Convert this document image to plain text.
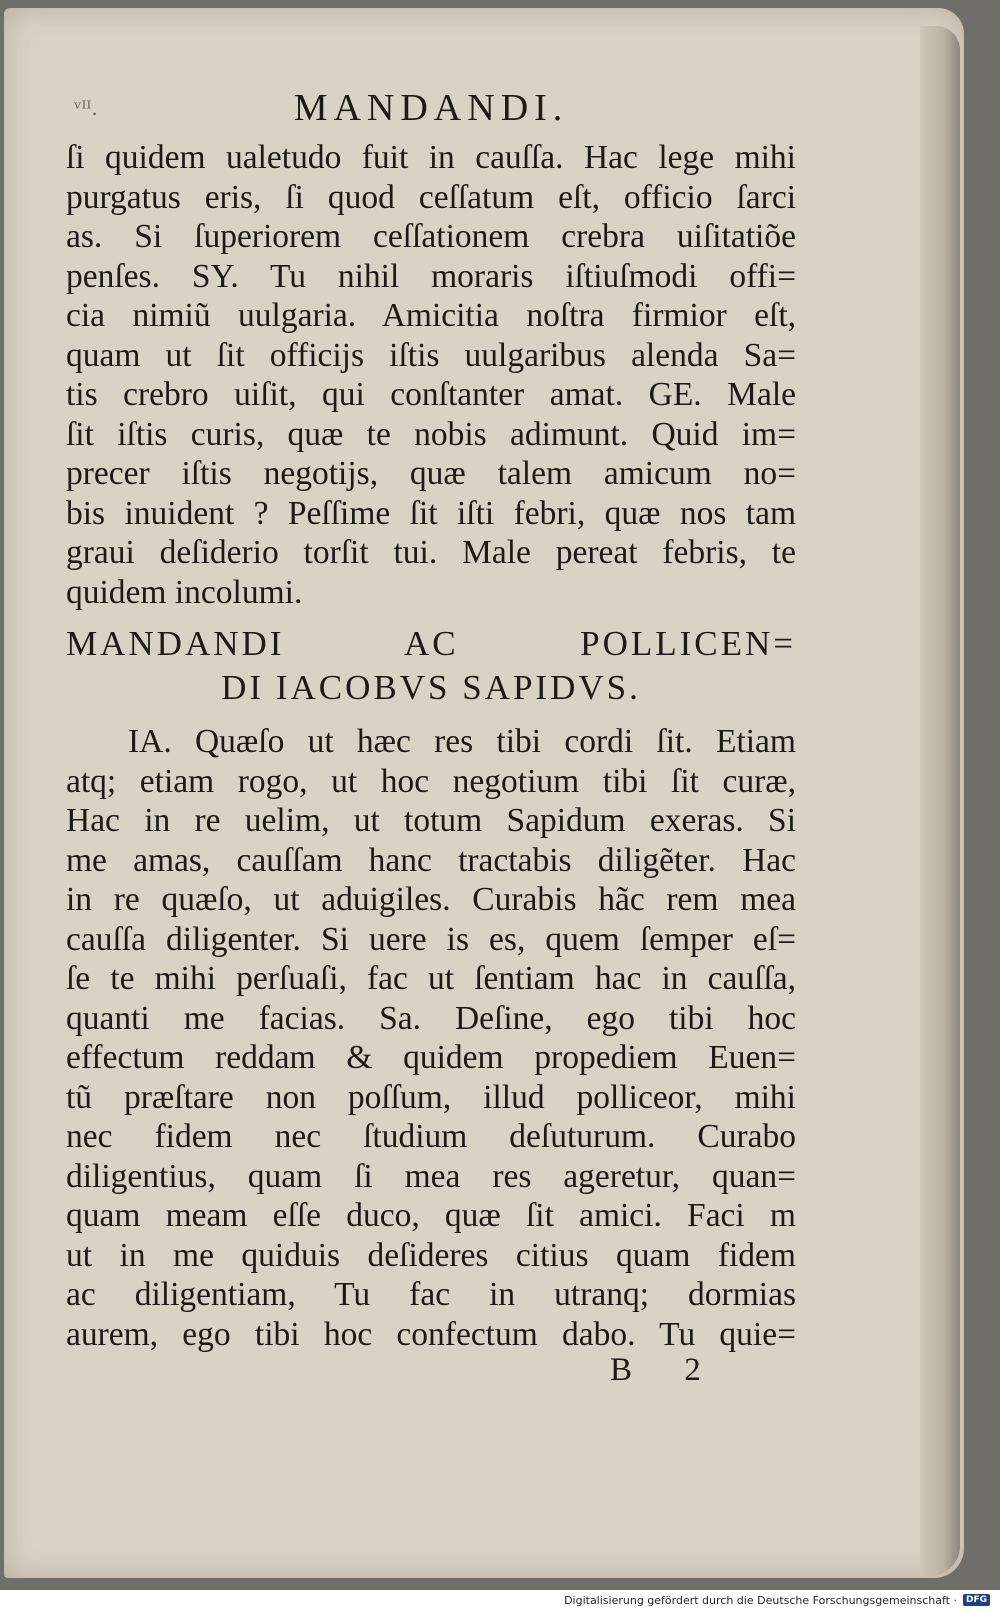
ᵛᴵᴵ.	MANDANDI.
ſi quidem ualetudo fuit in cauſſa. Hac lege mihi
purgatus eris, ſi quod ceſſatum eſt, officio ſarci
as. Si ſuperiorem ceſſationem crebra uiſitatiõe
penſes. SY. Tu nihil moraris iſtiuſmodi offi=
cia nimiũ uulgaria. Amicitia noſtra firmior eſt,
quam ut ſit officijs iſtis uulgaribus alenda Sa=
tis crebro uiſit, qui conſtanter amat. GE. Male
ſit iſtis curis, quæ te nobis adimunt. Quid im=
precer iſtis negotijs, quæ talem amicum no=
bis inuident ? Peſſime ſit iſti febri, quæ nos tam
graui deſiderio torſit tui. Male pereat febris, te
quidem incolumi.
MANDANDI AC POLLICEN=
DI IACOBVS SAPIDVS.
IA. Quæſo ut hæc res tibi cordi ſit. Etiam
atq; etiam rogo, ut hoc negotium tibi ſit curæ,
Hac in re uelim, ut totum Sapidum exeras. Si
me amas, cauſſam hanc tractabis diligẽter. Hac
in re quæſo, ut aduigiles. Curabis hãc rem mea
cauſſa diligenter. Si uere is es, quem ſemper eſ=
ſe te mihi perſuaſi, fac ut ſentiam hac in cauſſa,
quanti me facias. Sa. Deſine, ego tibi hoc
effectum reddam & quidem propediem Euen=
tũ præſtare non poſſum, illud polliceor, mihi
nec fidem nec ſtudium deſuturum. Curabo
diligentius, quam ſi mea res ageretur, quan=
quam meam eſſe duco, quæ ſit amici. Faci m
ut in me quiduis deſideres citius quam fidem
ac diligentiam, Tu fac in utranq; dormias
aurem, ego tibi hoc confectum dabo. Tu quie=
B 2
Digitalisierung gefördert durch die Deutsche Forschungsgemeinschaft ·	DFG
